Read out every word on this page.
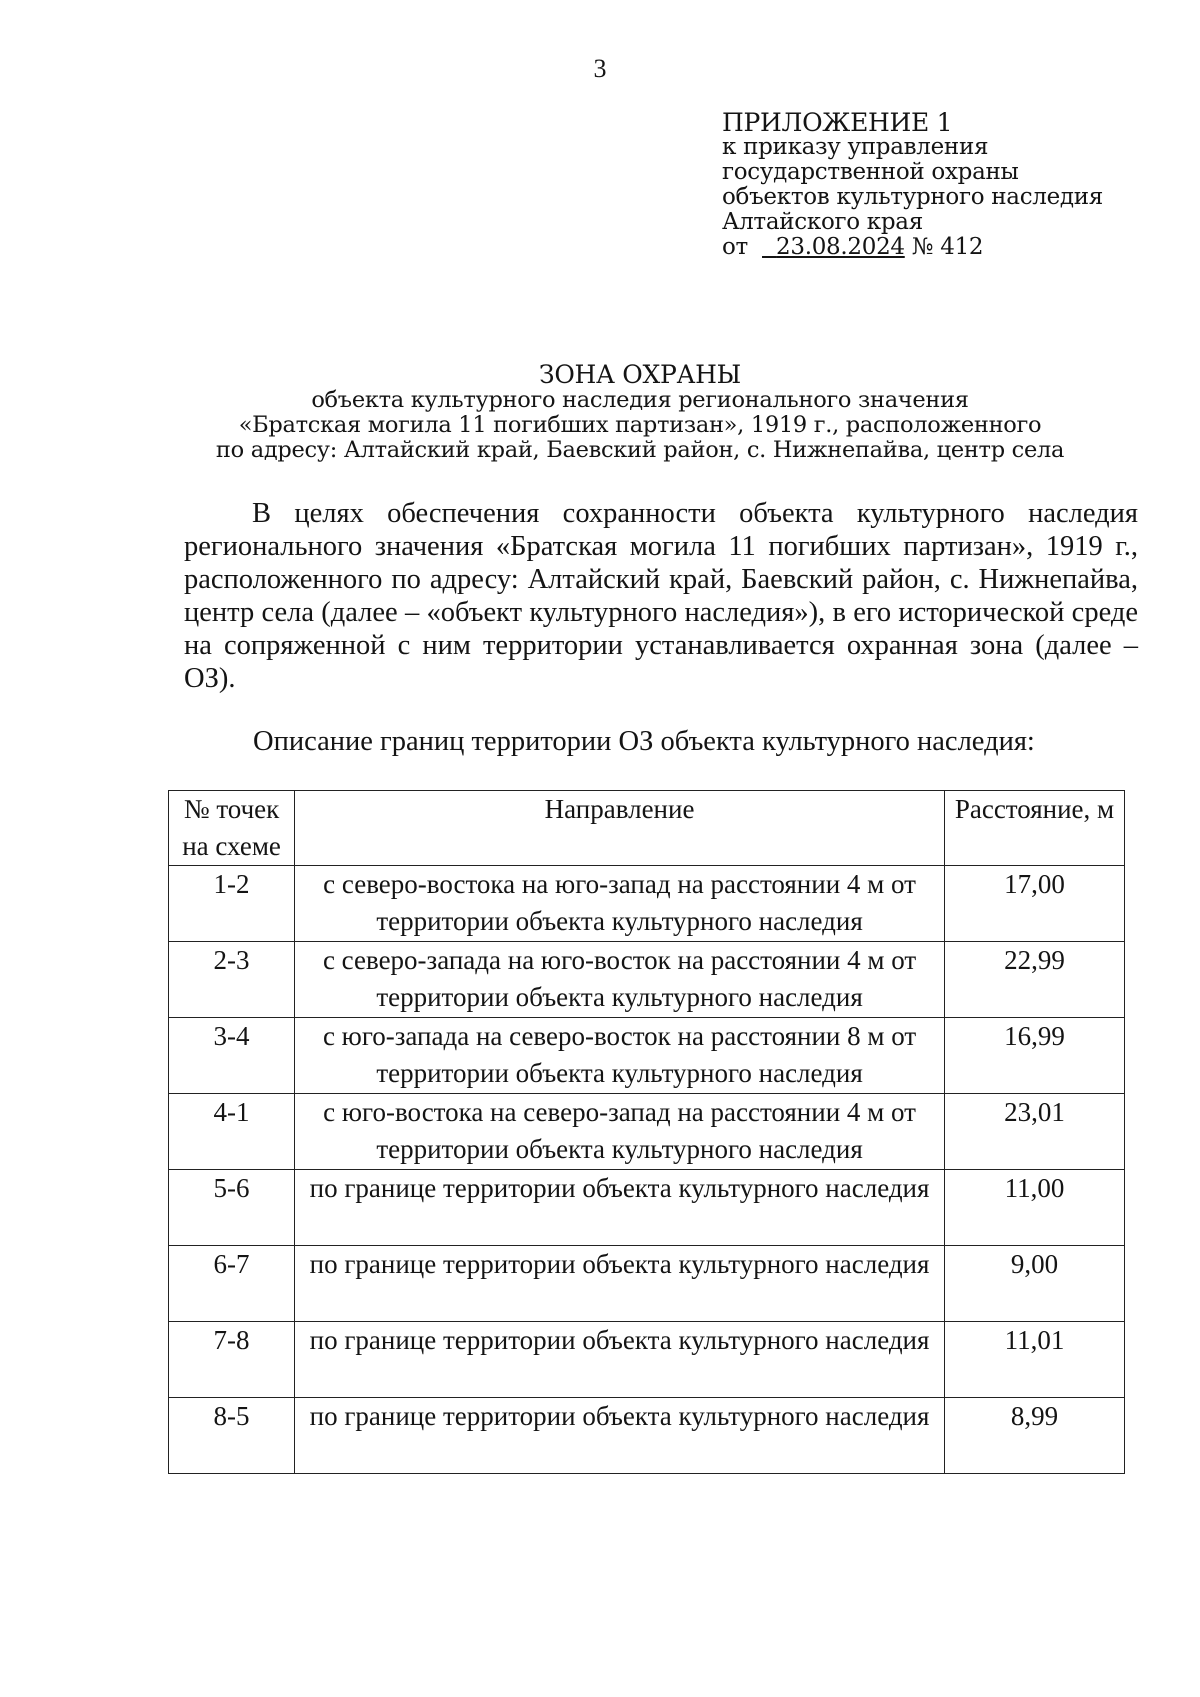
3
ПРИЛОЖЕНИЕ 1
к приказу управления
государственной охраны
объектов культурного наследия
Алтайского края
от 23.08.2024 № 412
ЗОНА ОХРАНЫ
объекта культурного наследия регионального значения
«Братская могила 11 погибших партизан», 1919 г., расположенного
по адресу: Алтайский край, Баевский район, с. Нижнепайва, центр села
В целях обеспечения сохранности объекта культурного наследия регионального значения «Братская могила 11 погибших партизан», 1919 г., расположенного по адресу: Алтайский край, Баевский район, с. Нижнепайва, центр села (далее – «объект культурного наследия»), в его исторической среде на сопряженной с ним территории устанавливается охранная зона (далее – ОЗ).
Описание границ территории ОЗ объекта культурного наследия:
№ точек на схеме	Направление	Расстояние, м
1-2	с северо-востока на юго-запад на расстоянии 4 м от территории объекта культурного наследия	17,00
2-3	с северо-запада на юго-восток на расстоянии 4 м от территории объекта культурного наследия	22,99
3-4	с юго-запада на северо-восток на расстоянии 8 м от территории объекта культурного наследия	16,99
4-1	с юго-востока на северо-запад на расстоянии 4 м от территории объекта культурного наследия	23,01
5-6	по границе территории объекта культурного наследия	11,00
6-7	по границе территории объекта культурного наследия	9,00
7-8	по границе территории объекта культурного наследия	11,01
8-5	по границе территории объекта культурного наследия	8,99
